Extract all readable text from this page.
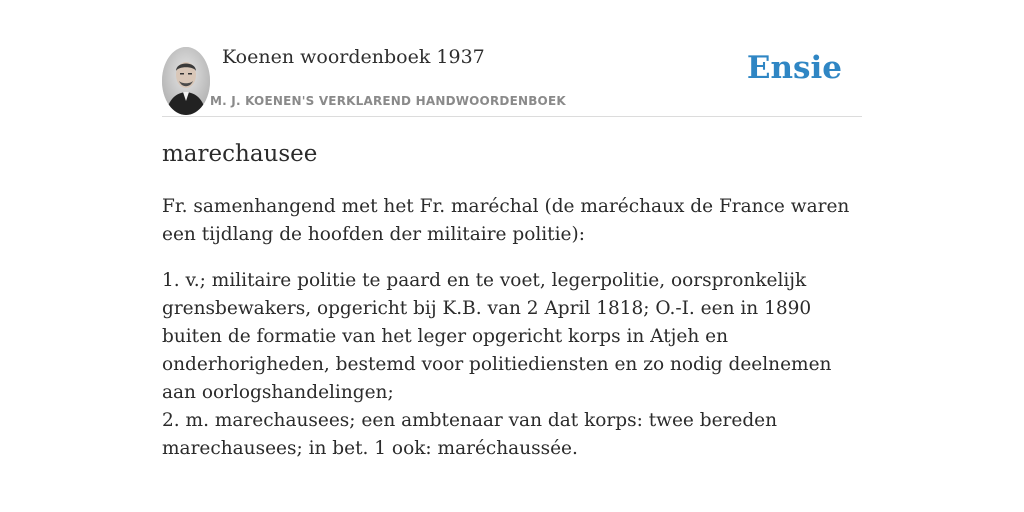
Koenen woordenboek 1937
M. J. KOENEN'S VERKLAREND HANDWOORDENBOEK
Ensie
marechausee

Fr. samenhangend met het Fr. maréchal (de maréchaux de France waren een tijdlang de hoofden der militaire politie):

1. v.; militaire politie te paard en te voet, legerpolitie, oorspronkelijk grensbewakers, opgericht bij K.B. van 2 April 1818; O.-I. een in 1890 buiten de formatie van het leger opgericht korps in Atjeh en onderhorigheden, bestemd voor politiediensten en zo nodig deelnemen aan oorlogshandelingen;

2. m. marechausees; een ambtenaar van dat korps: twee bereden marechausees; in bet. 1 ook: maréchaussée.
